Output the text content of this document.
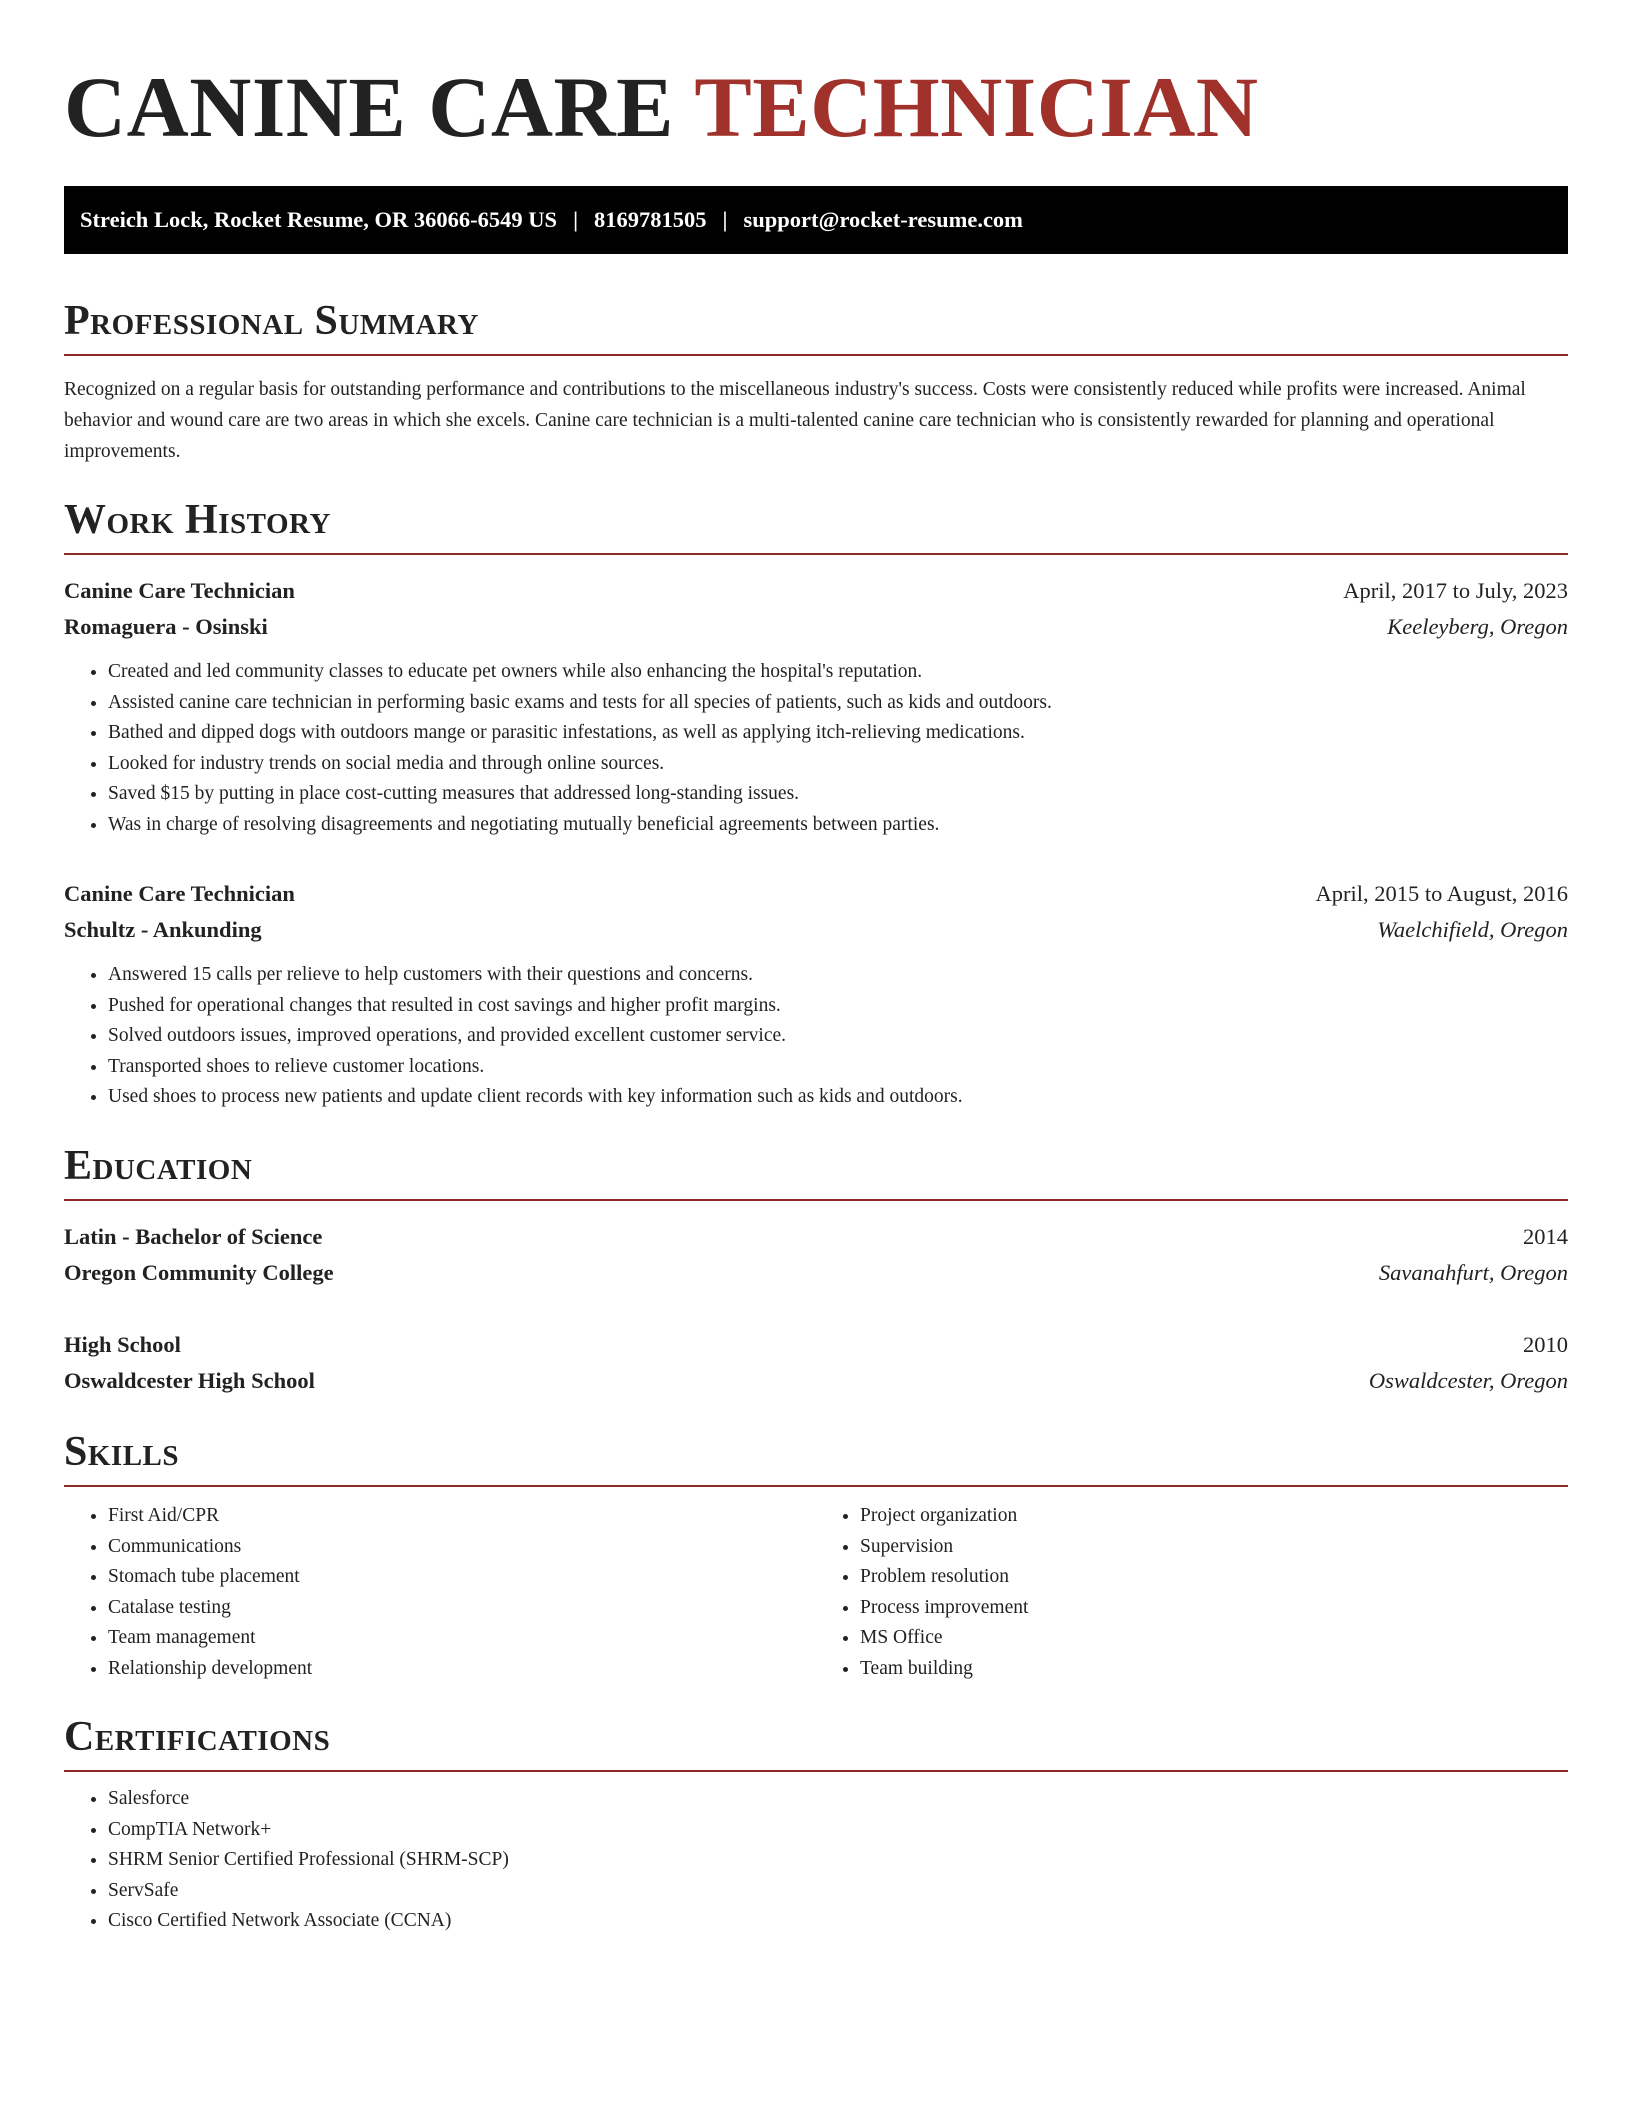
CANINE CARE TECHNICIAN
Streich Lock, Rocket Resume, OR 36066-6549 US | 8169781505 | support@rocket-resume.com
Professional Summary

Recognized on a regular basis for outstanding performance and contributions to the miscellaneous industry's success. Costs were consistently reduced while profits were increased. Animal behavior and wound care are two areas in which she excels. Canine care technician is a multi-talented canine care technician who is consistently rewarded for planning and operational improvements.

Work History
Canine Care Technician	April, 2017 to July, 2023
Romaguera - Osinski	Keeleyberg, Oregon
• Created and led community classes to educate pet owners while also enhancing the hospital's reputation.
• Assisted canine care technician in performing basic exams and tests for all species of patients, such as kids and outdoors.
• Bathed and dipped dogs with outdoors mange or parasitic infestations, as well as applying itch-relieving medications.
• Looked for industry trends on social media and through online sources.
• Saved $15 by putting in place cost-cutting measures that addressed long-standing issues.
• Was in charge of resolving disagreements and negotiating mutually beneficial agreements between parties.
Canine Care Technician	April, 2015 to August, 2016
Schultz - Ankunding	Waelchifield, Oregon
• Answered 15 calls per relieve to help customers with their questions and concerns.
• Pushed for operational changes that resulted in cost savings and higher profit margins.
• Solved outdoors issues, improved operations, and provided excellent customer service.
• Transported shoes to relieve customer locations.
• Used shoes to process new patients and update client records with key information such as kids and outdoors.
Education
Latin - Bachelor of Science	2014
Oregon Community College	Savanahfurt, Oregon
High School	2010
Oswaldcester High School	Oswaldcester, Oregon
Skills
• First Aid/CPR
• Communications
• Stomach tube placement
• Catalase testing
• Team management
• Relationship development
• Project organization
• Supervision
• Problem resolution
• Process improvement
• MS Office
• Team building
Certifications
• Salesforce
• CompTIA Network+
• SHRM Senior Certified Professional (SHRM-SCP)
• ServSafe
• Cisco Certified Network Associate (CCNA)
